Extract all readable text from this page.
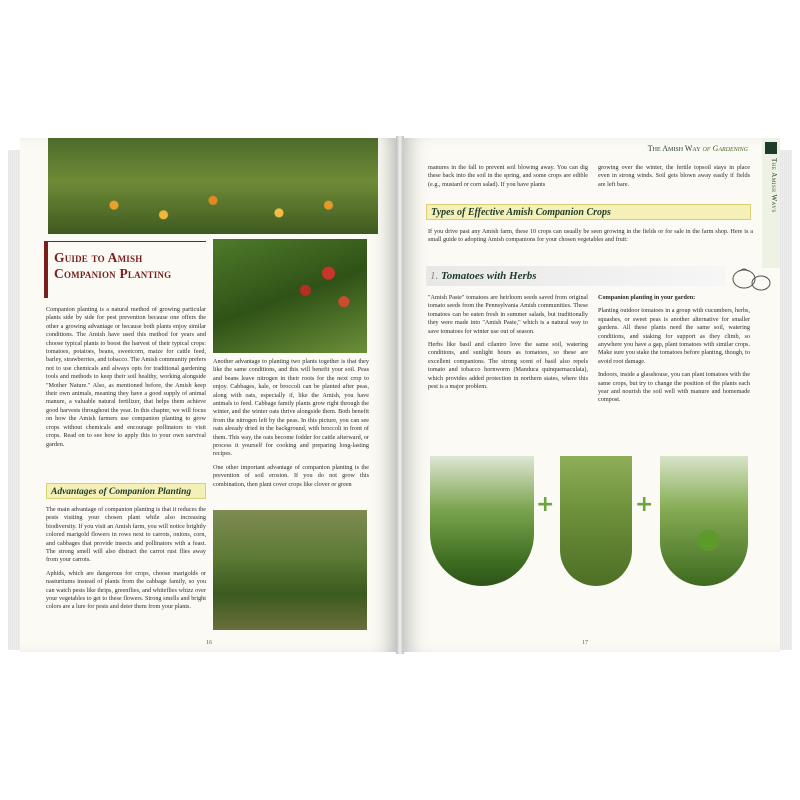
Guide to Amish Companion Planting

Companion planting is a natural method of growing particular plants side by side for pest prevention because one offers the other a growing advantage or because both plants enjoy similar conditions. The Amish have used this method for years and choose typical plants to boost the harvest of their typical crops: tomatoes, potatoes, beans, sweetcorn, maize for cattle feed, barley, strawberries, and tobacco. The Amish community prefers not to use chemicals and always opts for traditional gardening tools and methods to keep their soil healthy, working alongside "Mother Nature." Also, as mentioned before, the Amish keep their own animals, meaning they have a good supply of animal manure, a valuable natural fertilizer, that helps them achieve good harvests throughout the year. In this chapter, we will focus on how the Amish farmers use companion planting to grow crops without chemicals and encourage pollinators to visit crops. Read on to see how to apply this to your own survival garden.

Another advantage to planting two plants together is that they like the same conditions, and this will benefit your soil. Peas and beans leave nitrogen in their roots for the next crop to enjoy. Cabbages, kale, or broccoli can be planted after peas, along with oats, especially if, like the Amish, you have animals to feed. Cabbage family plants grow right through the winter, and the winter oats thrive alongside them. Both benefit from the nitrogen left by the peas. In this picture, you can see oats already dried in the background, with broccoli in front of them. This way, the oats become fodder for cattle afterward, or process it yourself for cooking and preparing long-lasting recipes.

One other important advantage of companion planting is the prevention of soil erosion. If you do not grow this combination, then plant cover crops like clover or green

Advantages of Companion Planting

The main advantage of companion planting is that it reduces the pests visiting your chosen plant while also increasing biodiversity. If you visit an Amish farm, you will notice brightly colored marigold flowers in rows next to carrots, onions, corn, and cabbages that provide insects and pollinators with a feast. The strong smell will also distract the carrot rust flies away from your carrots.

Aphids, which are dangerous for crops, choose marigolds or nasturtiums instead of plants from the cabbage family, so you can watch pests like thrips, greenflies, and whiteflies whizz over your vegetables to get to these flowers. Strong smells and bright colors are a lure for pests and deter them from your plants.

16
The Amish Way of Gardening
The Amish Ways

manures in the fall to prevent soil blowing away. You can dig these back into the soil in the spring, and some crops are edible (e.g., mustard or corn salad). If you have plants

growing over the winter, the fertile topsoil stays in place even in strong winds. Soil gets blown away easily if fields are left bare.

Types of Effective Amish Companion Crops

If you drive past any Amish farm, these 10 crops can usually be seen growing in the fields or for sale in the farm shop. Here is a small guide to adopting Amish companions for your chosen vegetables and fruit:

1. Tomatoes with Herbs

"Amish Paste" tomatoes are heirloom seeds saved from original tomato seeds from the Pennsylvania Amish communities. These tomatoes can be eaten fresh in summer salads, but traditionally they were made into "Amish Paste," which is a natural way to save tomatoes for winter use out of season.

Herbs like basil and cilantro love the same soil, watering conditions, and sunlight hours as tomatoes, so these are excellent companions. The strong scent of basil also repels tomato and tobacco hornworm (Manduca quinquemaculata), which provides added protection in northern states, where this pest is a major problem.

Companion planting in your garden:

Planting outdoor tomatoes in a group with cucumbers, herbs, squashes, or sweet peas is another alternative for smaller gardens. All these plants need the same soil, watering conditions, and staking for support as they climb, so anywhere you have a gap, plant tomatoes with similar crops. Make sure you stake the tomatoes before planting, though, to avoid root damage.

Indoors, inside a glasshouse, you can plant tomatoes with the same crops, but try to change the position of the plants each year and nourish the soil well with manure and homemade compost.

+	+
17
